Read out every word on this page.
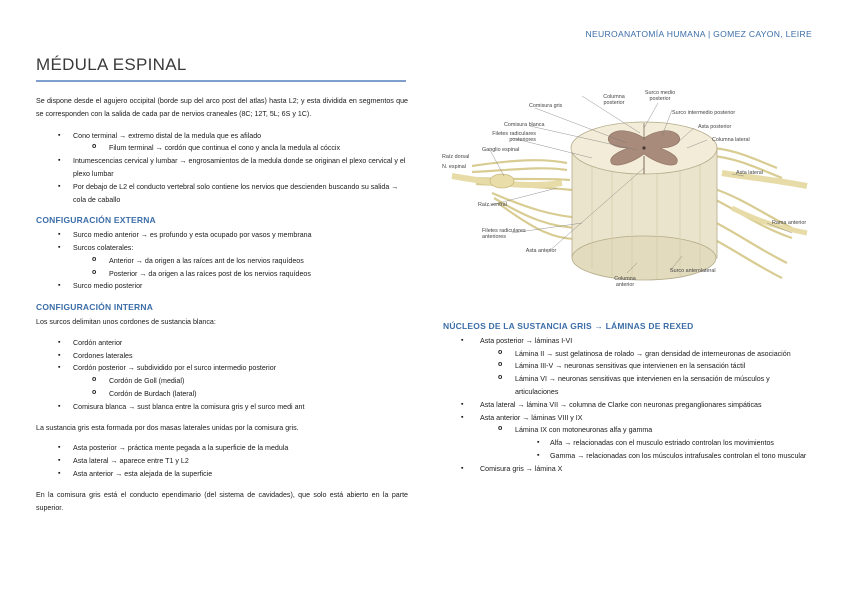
NEUROANATOMÍA HUMANA | GOMEZ CAYON, LEIRE
MÉDULA ESPINAL

Se dispone desde el agujero occipital (borde sup del arco post del atlas) hasta L2; y esta dividida en segmentos que se corresponden con la salida de cada par de nervios craneales (8C; 12T, 5L; 6S y 1C).

▪ Cono terminal → extremo distal de la medula que es afilado
o Filum terminal → cordón que continua el cono y ancla la medula al cóccix
▪ Intumescencias cervical y lumbar → engrosamientos de la medula donde se originan el plexo cervical y el plexo lumbar
▪ Por debajo de L2 el conducto vertebral solo contiene los nervios que descienden buscando su salida → cola de caballo
CONFIGURACIÓN EXTERNA
▪ Surco medio anterior → es profundo y esta ocupado por vasos y membrana
▪ Surcos colaterales:
o Anterior → da origen a las raíces ant de los nervios raquídeos
o Posterior → da origen a las raíces post de los nervios raquídeos
▪ Surco medio posterior
CONFIGURACIÓN INTERNA

Los surcos delimitan unos cordones de sustancia blanca:

▪ Cordón anterior
▪ Cordones laterales
▪ Cordón posterior → subdividido por el surco intermedio posterior
o Cordón de Goll (medial)
o Cordón de Burdach (lateral)
▪ Comisura blanca → sust blanca entre la comisura gris y el surco medi ant

La sustancia gris esta formada por dos masas laterales unidas por la comisura gris.

▪ Asta posterior → práctica mente pegada a la superficie de la medula
▪ Asta lateral → aparece entre T1 y L2
▪ Asta anterior → esta alejada de la superficie

En la comisura gris está el conducto ependimario (del sistema de cavidades), que solo está abierto en la parte superior.

Columna posterior
Surco medio posterior
Comisura gris
Surco intermedio posterior
Comisura blanca	Asta posterior
Filetes radiculares posteriores	Columna lateral
Ganglio espinal
Raíz dorsal
N. espinal
Asta lateral
Rama anterior
Raíz ventral
Filetes radiculares anteriores
Asta anterior
Surco anterolateral
Columna anterior
NÚCLEOS DE LA SUSTANCIA GRIS → LÁMINAS DE REXED
▪ Asta posterior → láminas I-VI
o Lámina II → sust gelatinosa de rolado → gran densidad de interneuronas de asociación
o Lámina III-V → neuronas sensitivas que intervienen en la sensación táctil
o Lámina VI → neuronas sensitivas que intervienen en la sensación de músculos y articulaciones
▪ Asta lateral → lámina VII → columna de Clarke con neuronas preganglionares simpáticas
▪ Asta anterior → láminas VIII y IX
o Lámina IX con motoneuronas alfa y gamma
▪ Alfa → relacionadas con el musculo estriado controlan los movimientos
▪ Gamma → relacionadas con los músculos intrafusales controlan el tono muscular
▪ Comisura gris → lámina X
